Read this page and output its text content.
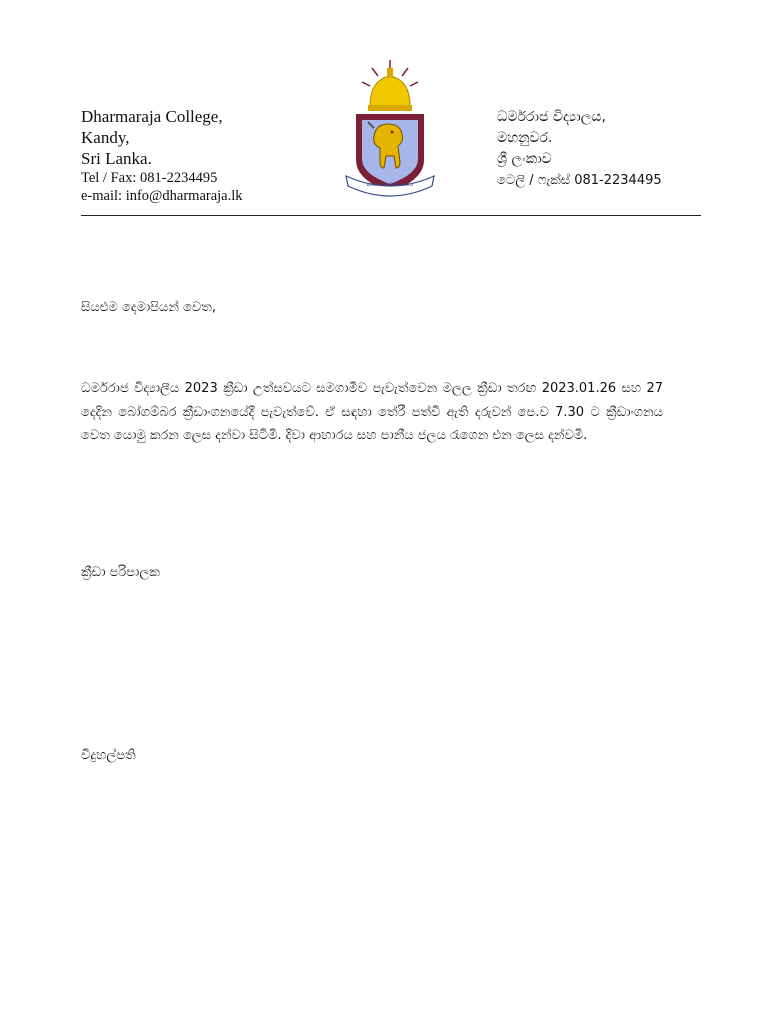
Dharmaraja College,
Kandy,
Sri Lanka.
Tel / Fax: 081-2234495
e-mail: info@dharmaraja.lk
ආත්මා හි ආත්මනෝ නාථෝ
ධර්මරාජ විද්‍යාලය,
මහනුවර.
ශ්‍රී ලංකාව
ටෙලි / ෆැක්ස් 081-2234495
සියළුම දෙමාපියන් වෙත,
ධර්මරාජ විද්‍යාලීය 2023 ක්‍රීඩා උත්සවයට සමගාමීව පැවැත්වෙන මලල ක්‍රීඩා තරඟ 2023.01.26 සහ 27 දෙදින බෝගම්බර ක්‍රීඩාංගනයේදී පැවැත්වේ. ඒ සඳහා තේරී පත්වී ඇති දරුවන් පෙ.ව 7.30 ට ක්‍රීඩාංගනය වෙත යොමු කරන ලෙස දන්වා සිටිමි. දිවා ආහාරය සහ පානීය ජලය රැගෙන එන ලෙස දන්වමි.
ක්‍රීඩා පරිපාලක
විදුහල්පති
